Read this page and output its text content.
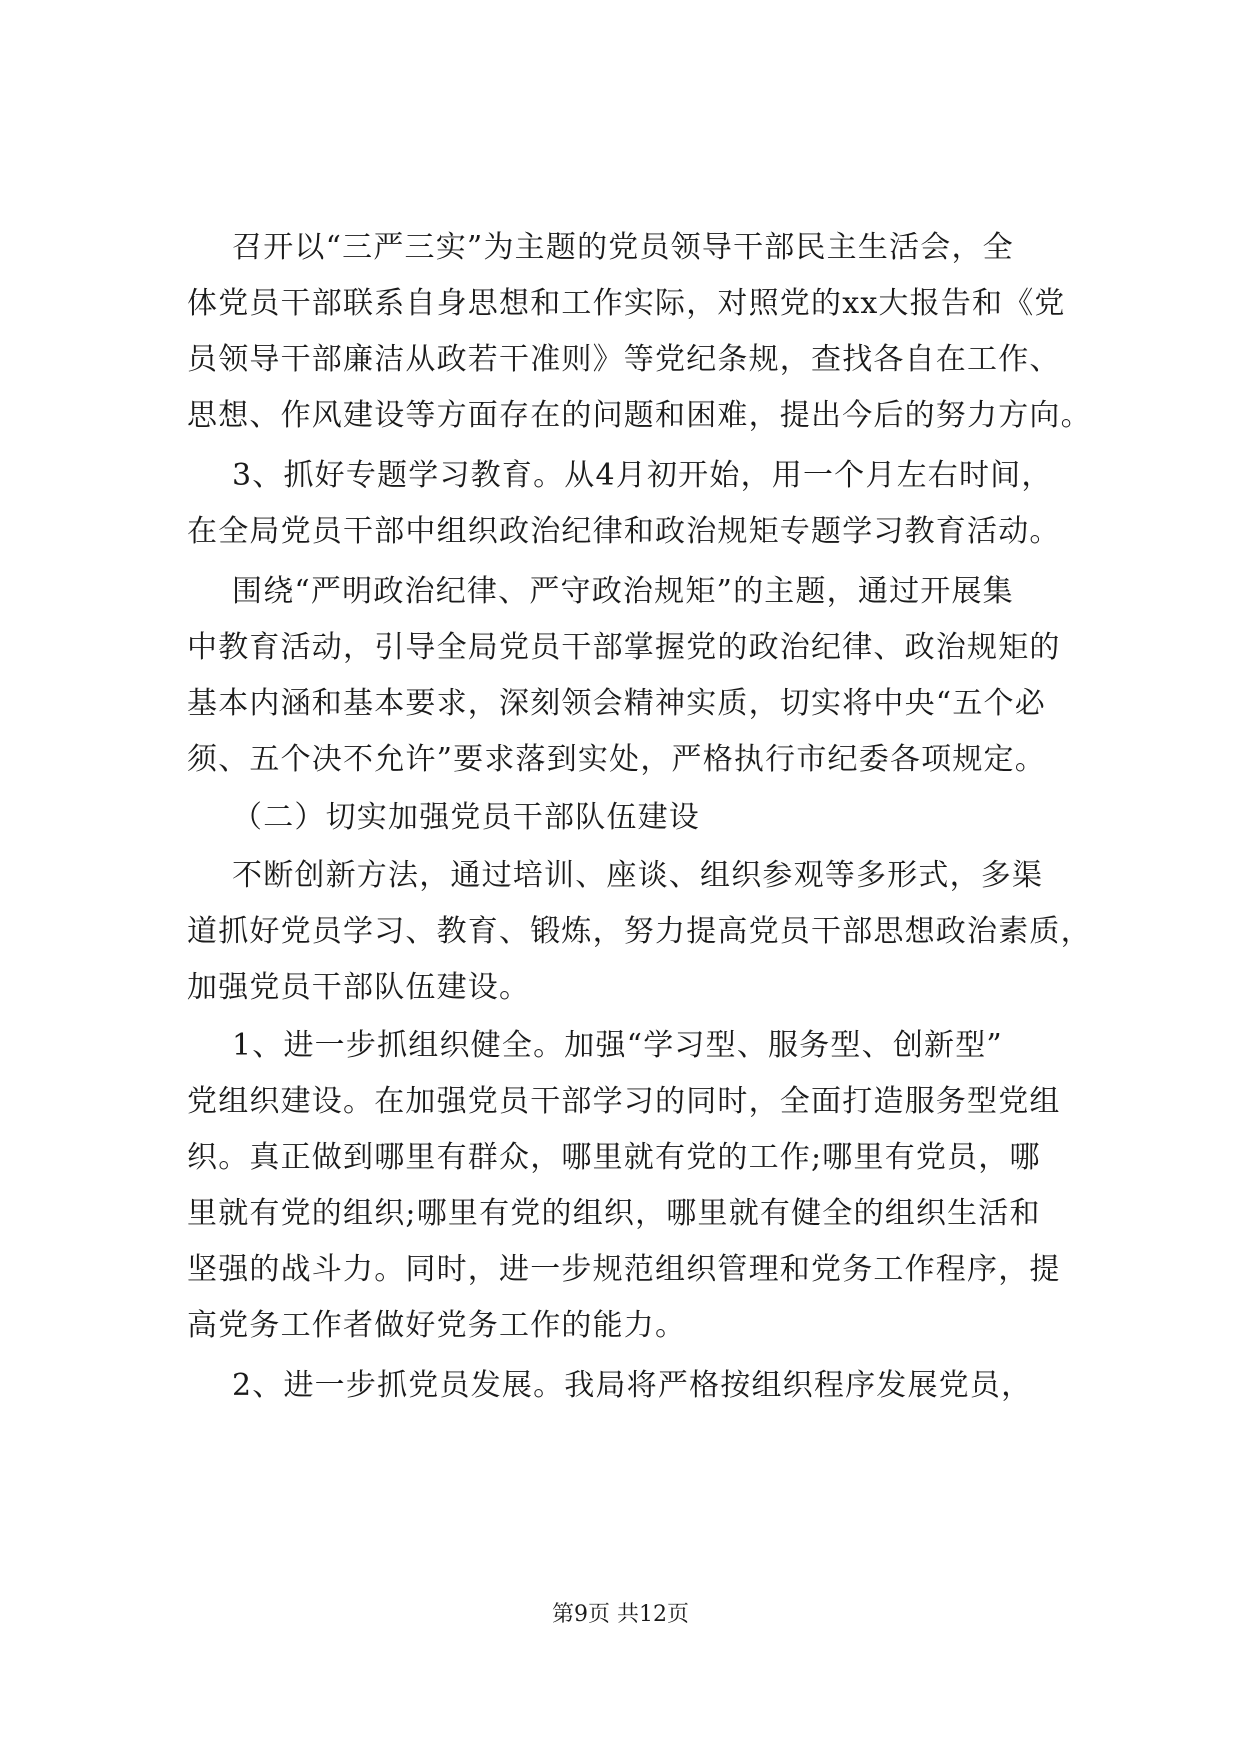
召开以“三严三实”为主题的党员领导干部民主生活会，全
体党员干部联系自身思想和工作实际，对照党的xx大报告和《党
员领导干部廉洁从政若干准则》等党纪条规，查找各自在工作、
思想、作风建设等方面存在的问题和困难，提出今后的努力方向。
3、抓好专题学习教育。从4月初开始，用一个月左右时间，
在全局党员干部中组织政治纪律和政治规矩专题学习教育活动。
围绕“严明政治纪律、严守政治规矩”的主题，通过开展集
中教育活动，引导全局党员干部掌握党的政治纪律、政治规矩的
基本内涵和基本要求，深刻领会精神实质，切实将中央“五个必
须、五个决不允许”要求落到实处，严格执行市纪委各项规定。
（二）切实加强党员干部队伍建设
不断创新方法，通过培训、座谈、组织参观等多形式，多渠
道抓好党员学习、教育、锻炼，努力提高党员干部思想政治素质，
加强党员干部队伍建设。
1、进一步抓组织健全。加强“学习型、服务型、创新型”
党组织建设。在加强党员干部学习的同时，全面打造服务型党组
织。真正做到哪里有群众，哪里就有党的工作;哪里有党员，哪
里就有党的组织;哪里有党的组织，哪里就有健全的组织生活和
坚强的战斗力。同时，进一步规范组织管理和党务工作程序，提
高党务工作者做好党务工作的能力。
2、进一步抓党员发展。我局将严格按组织程序发展党员，
第9页 共12页
